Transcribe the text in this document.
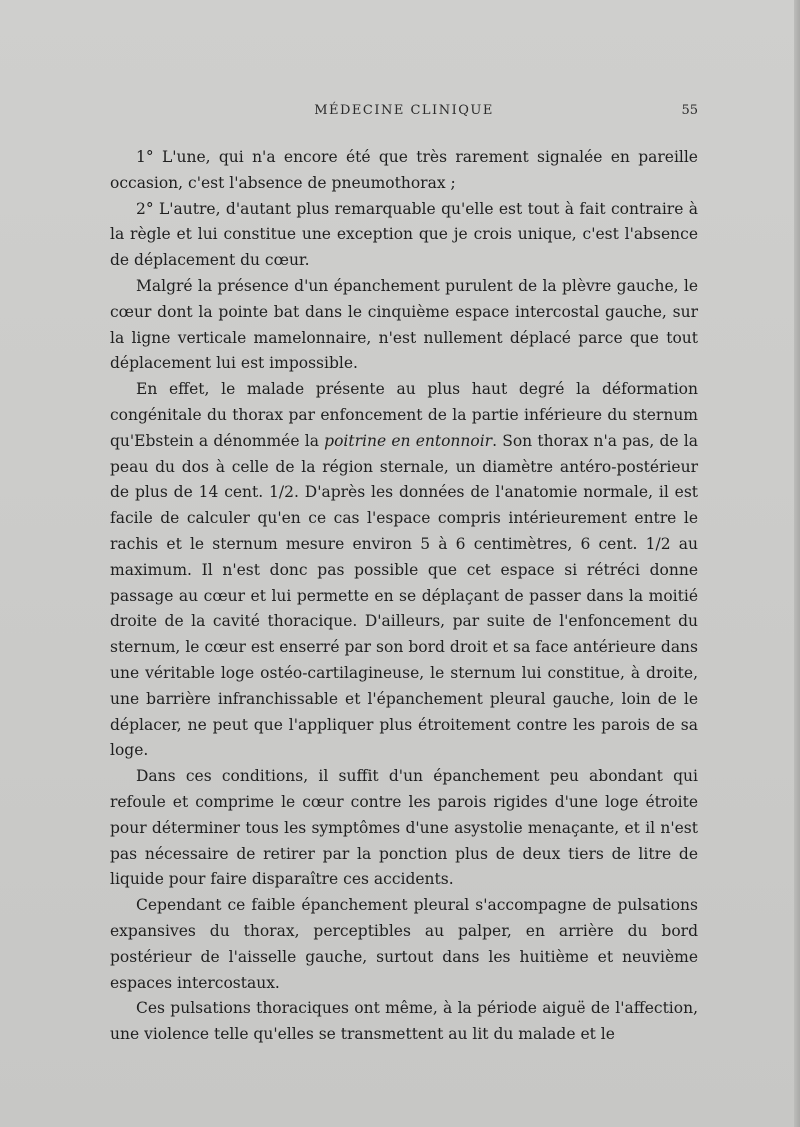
MÉDECINE CLINIQUE	55

1° L'une, qui n'a encore été que très rarement signalée en pareille occasion, c'est l'absence de pneumothorax ;

2° L'autre, d'autant plus remarquable qu'elle est tout à fait contraire à la règle et lui constitue une exception que je crois unique, c'est l'absence de déplacement du cœur.

Malgré la présence d'un épanchement purulent de la plèvre gauche, le cœur dont la pointe bat dans le cinquième espace intercostal gauche, sur la ligne verticale mamelonnaire, n'est nullement déplacé parce que tout déplacement lui est impossible.

En effet, le malade présente au plus haut degré la déformation congénitale du thorax par enfoncement de la partie inférieure du sternum qu'Ebstein a dénommée la poitrine en entonnoir. Son thorax n'a pas, de la peau du dos à celle de la région sternale, un diamètre antéro-postérieur de plus de 14 cent. 1/2. D'après les données de l'anatomie normale, il est facile de calculer qu'en ce cas l'espace compris intérieurement entre le rachis et le sternum mesure environ 5 à 6 centimètres, 6 cent. 1/2 au maximum. Il n'est donc pas possible que cet espace si rétréci donne passage au cœur et lui permette en se déplaçant de passer dans la moitié droite de la cavité thoracique. D'ailleurs, par suite de l'enfoncement du sternum, le cœur est enserré par son bord droit et sa face antérieure dans une véritable loge ostéo-cartilagineuse, le sternum lui constitue, à droite, une barrière infranchissable et l'épanchement pleural gauche, loin de le déplacer, ne peut que l'appliquer plus étroitement contre les parois de sa loge.

Dans ces conditions, il suffit d'un épanchement peu abondant qui refoule et comprime le cœur contre les parois rigides d'une loge étroite pour déterminer tous les symptômes d'une asystolie menaçante, et il n'est pas nécessaire de retirer par la ponction plus de deux tiers de litre de liquide pour faire disparaître ces accidents.

Cependant ce faible épanchement pleural s'accompagne de pulsations expansives du thorax, perceptibles au palper, en arrière du bord postérieur de l'aisselle gauche, surtout dans les huitième et neuvième espaces intercostaux.

Ces pulsations thoraciques ont même, à la période aiguë de l'affection, une violence telle qu'elles se transmettent au lit du malade et le
